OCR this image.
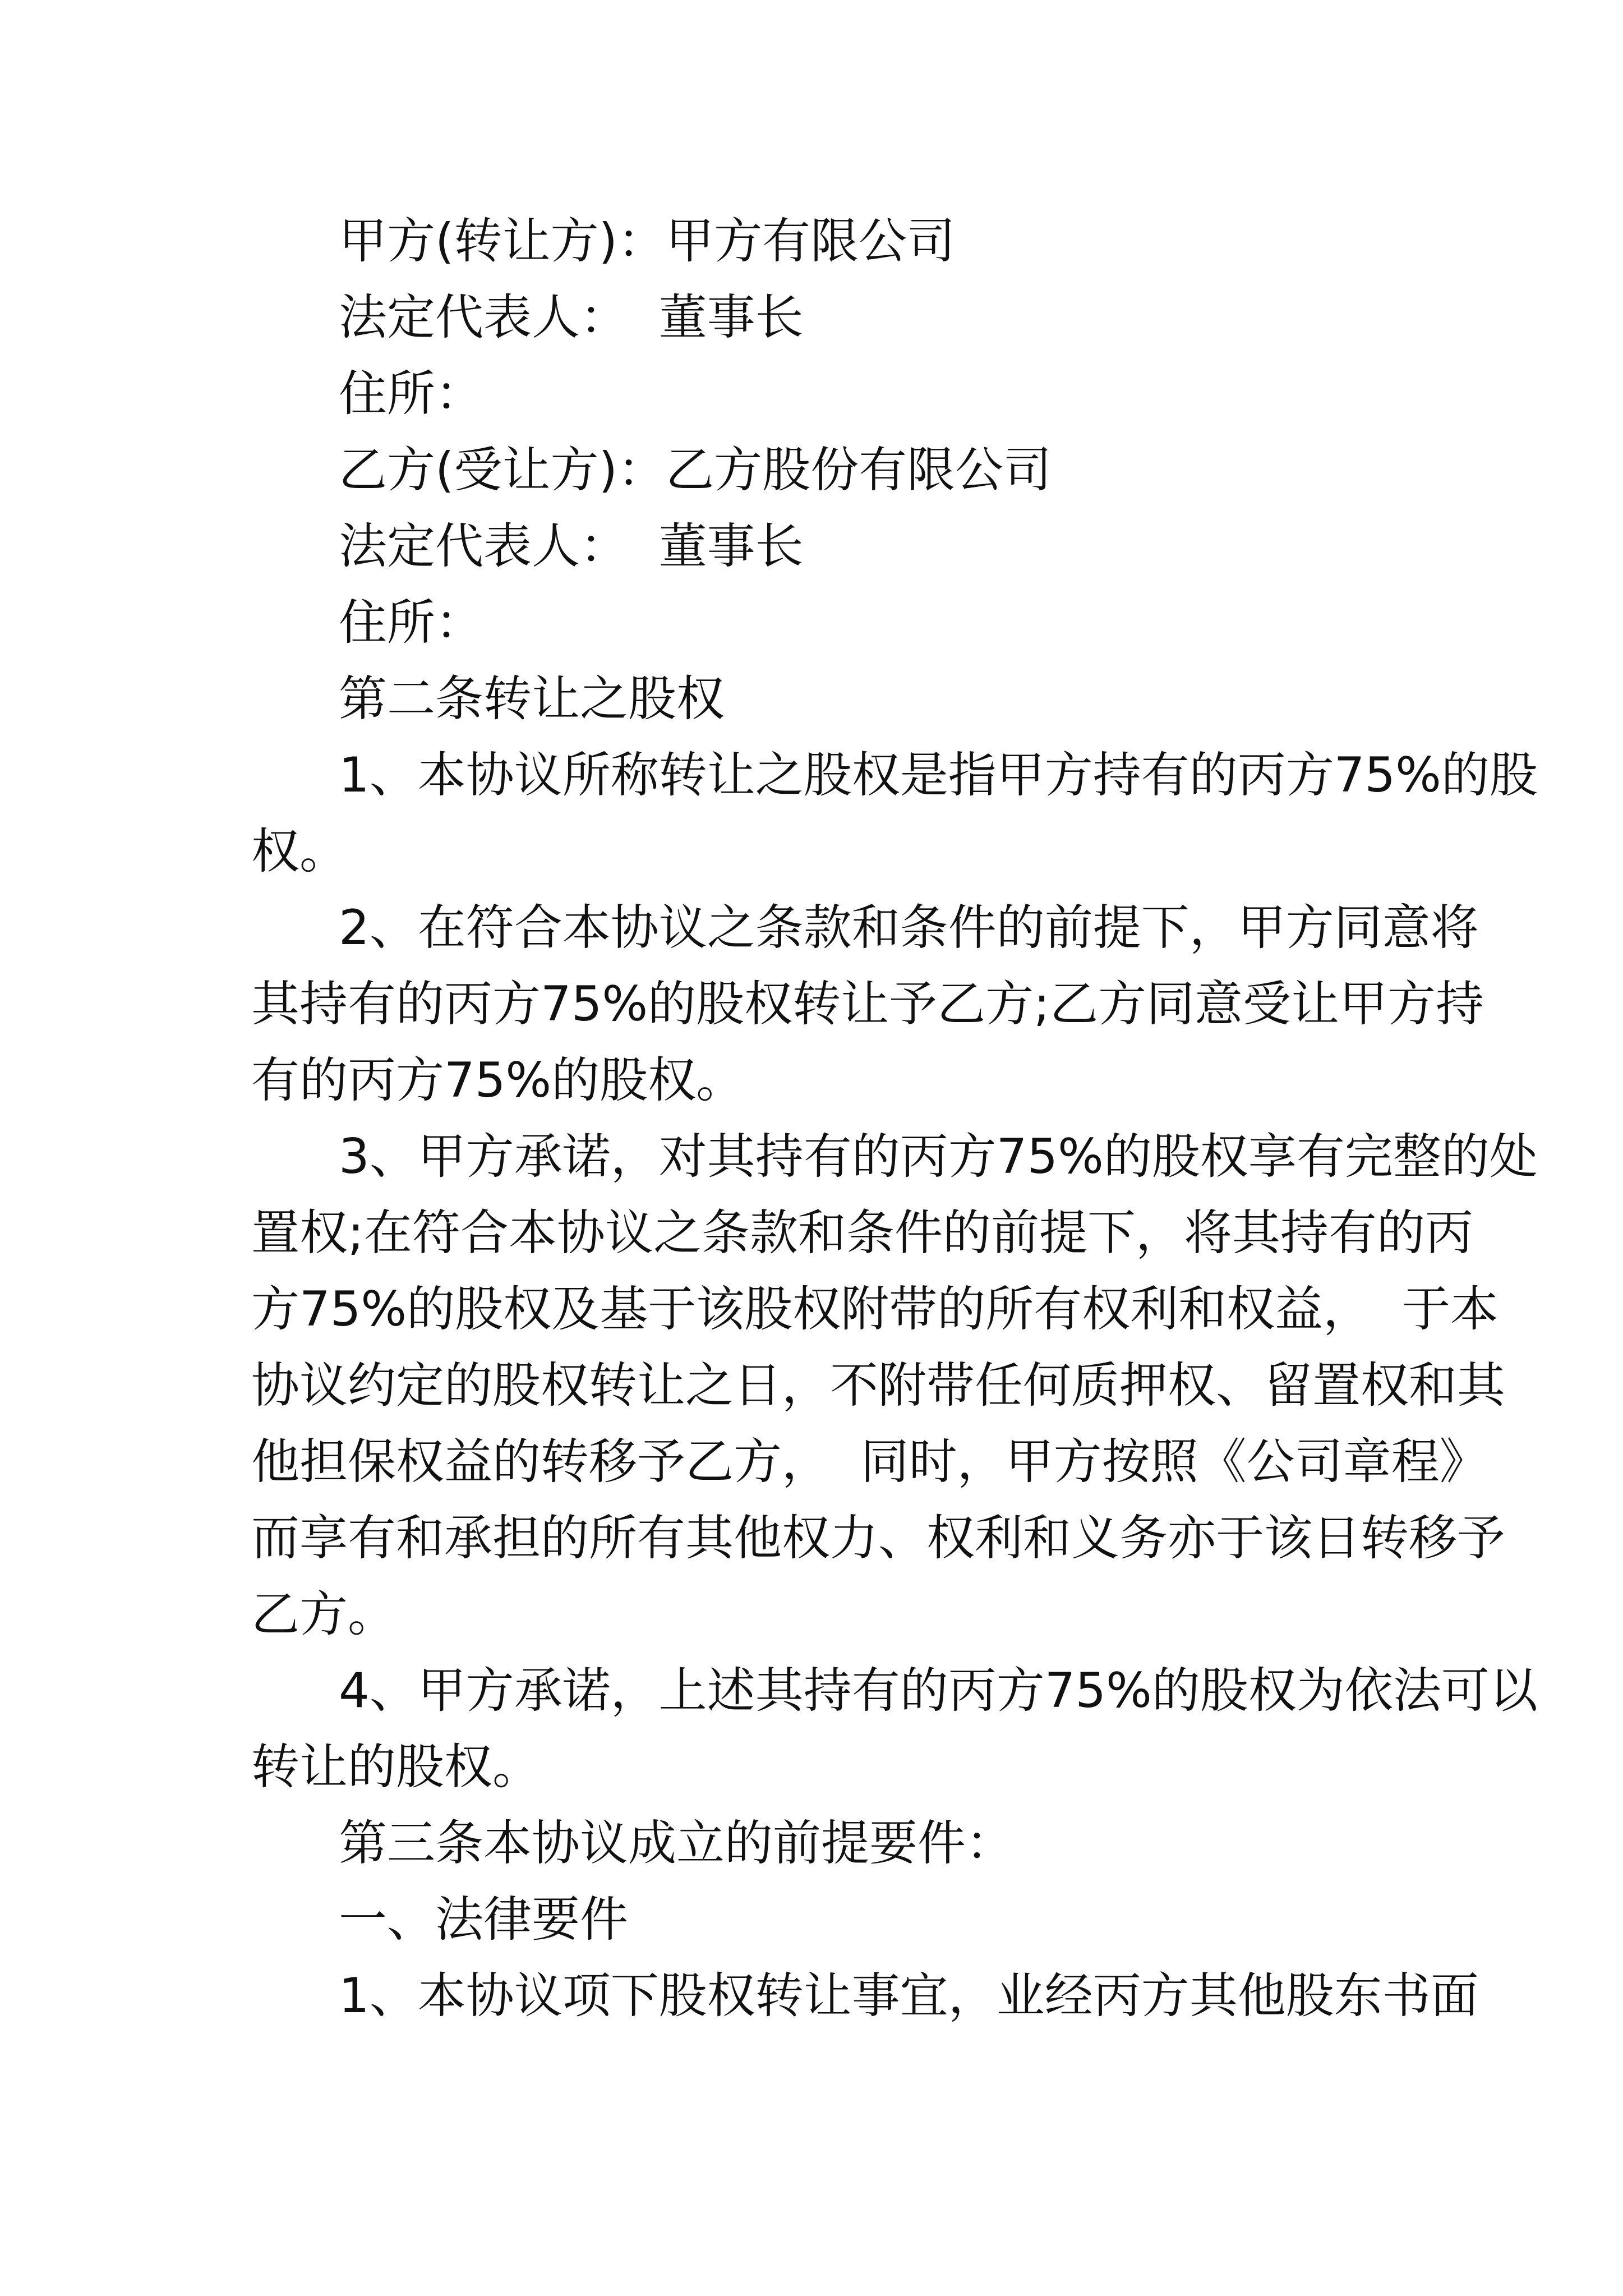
甲方(转让方)：甲方有限公司
法定代表人：  董事长
住所：
乙方(受让方)：乙方股份有限公司
法定代表人：  董事长
住所：
第二条转让之股权
1、本协议所称转让之股权是指甲方持有的丙方75%的股
权。
2、在符合本协议之条款和条件的前提下，甲方同意将
其持有的丙方75%的股权转让予乙方;乙方同意受让甲方持
有的丙方75%的股权。
3、甲方承诺，对其持有的丙方75%的股权享有完整的处
置权;在符合本协议之条款和条件的前提下，将其持有的丙
方75%的股权及基于该股权附带的所有权利和权益，  于本
协议约定的股权转让之日，不附带任何质押权、留置权和其
他担保权益的转移予乙方，  同时，甲方按照《公司章程》
而享有和承担的所有其他权力、权利和义务亦于该日转移予
乙方。
4、甲方承诺，上述其持有的丙方75%的股权为依法可以
转让的股权。
第三条本协议成立的前提要件：
一、法律要件
1、本协议项下股权转让事宜，业经丙方其他股东书面
